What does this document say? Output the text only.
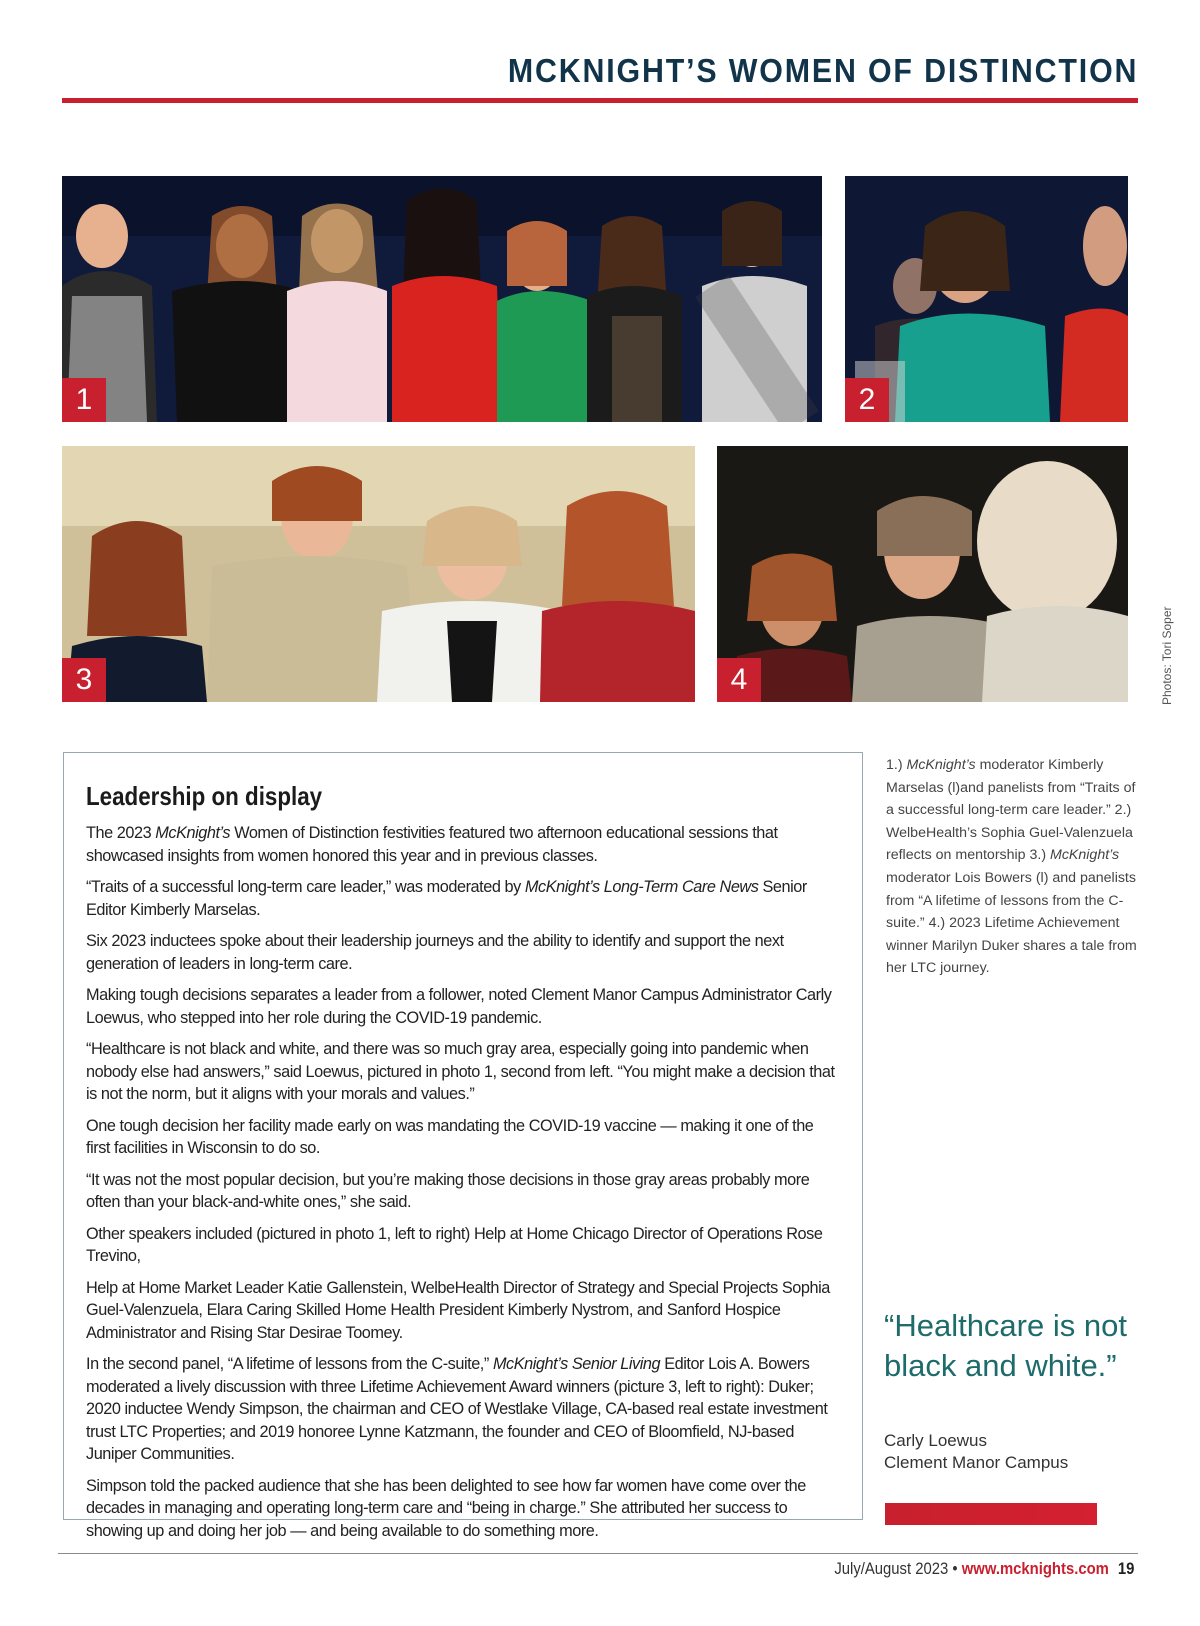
MCKNIGHT’S WOMEN OF DISTINCTION
1	2
3	4	Photos: Tori Soper
Leadership on display

The 2023 McKnight’s Women of Distinction festivities featured two afternoon educational sessions that showcased insights from women honored this year and in previous classes.

“Traits of a successful long-term care leader,” was moderated by McKnight’s Long-Term Care News Senior Editor Kimberly Marselas.

Six 2023 inductees spoke about their leadership journeys and the ability to identify and support the next generation of leaders in long-term care.

Making tough decisions separates a leader from a follower, noted Clement Manor Campus Administrator Carly Loewus, who stepped into her role during the COVID-19 pandemic.

“Healthcare is not black and white, and there was so much gray area, especially going into pandemic when nobody else had answers,” said Loewus, pictured in photo 1, second from left. “You might make a decision that is not the norm, but it aligns with your morals and values.”

One tough decision her facility made early on was mandating the COVID-19 vaccine — making it one of the first facilities in Wisconsin to do so.

“It was not the most popular decision, but you’re making those decisions in those gray areas probably more often than your black-and-white ones,” she said.

Other speakers included (pictured in photo 1, left to right) Help at Home Chicago Director of Operations Rose Trevino,

Help at Home Market Leader Katie Gallenstein, WelbeHealth Director of Strategy and Special Projects Sophia Guel-Valenzuela, Elara Caring Skilled Home Health President Kimberly Nystrom, and Sanford Hospice Administrator and Rising Star Desirae Toomey.

In the second panel, “A lifetime of lessons from the C-suite,” McKnight’s Senior Living Editor Lois A. Bowers moderated a lively discussion with three Lifetime Achievement Award winners (picture 3, left to right): Duker; 2020 inductee Wendy Simpson, the chairman and CEO of Westlake Village, CA-based real estate investment trust LTC Properties; and 2019 honoree Lynne Katzmann, the founder and CEO of Bloomfield, NJ-based Juniper Communities.

Simpson told the packed audience that she has been delighted to see how far women have come over the decades in managing and operating long-term care and “being in charge.” She attributed her success to showing up and doing her job — and being available to do something more.

1.) McKnight’s moderator Kimberly Marselas (l)and panelists from “Traits of a successful long-term care leader.” 2.) WelbeHealth’s Sophia Guel-Valenzuela reflects on mentorship 3.) McKnight’s moderator Lois Bowers (l) and panelists from “A lifetime of lessons from the C-suite.” 4.) 2023 Lifetime Achievement winner Marilyn Duker shares a tale from her LTC journey.
“Healthcare is not black and white.”
Carly Loewus
Clement Manor Campus
July/August 2023 • www.mcknights.com 19
